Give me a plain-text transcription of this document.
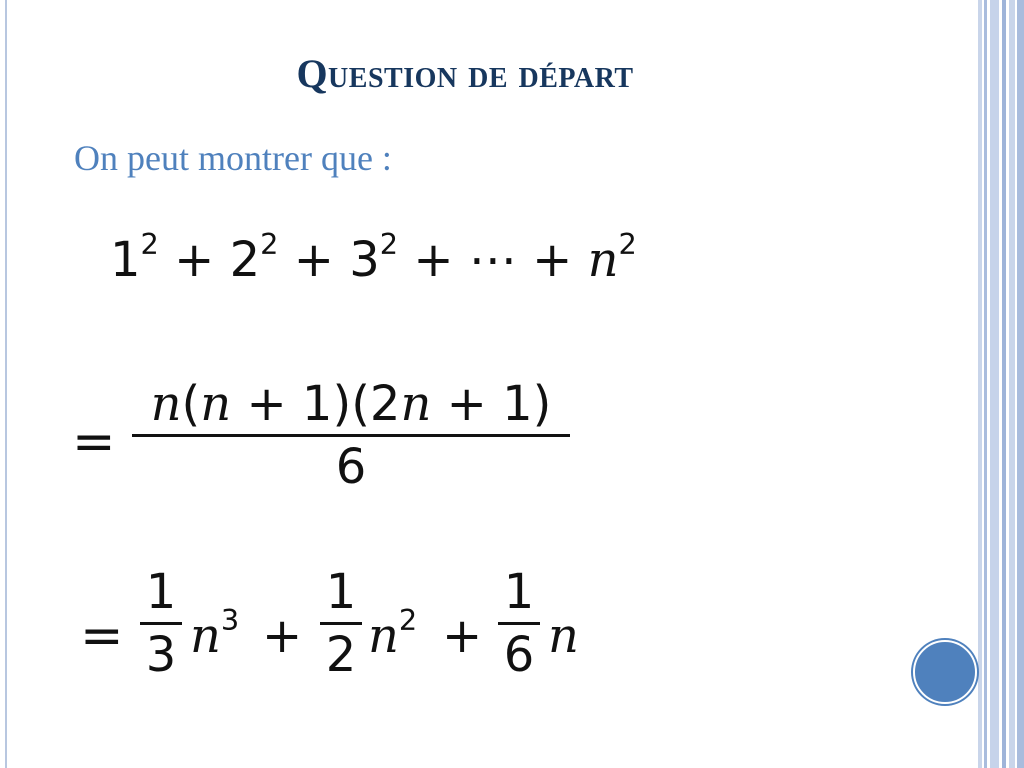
Question de départ
On peut montrer que :
$1^2 + 2^2 + 3^2$ + ⋯ + $n^2$
=
n(n + 1)(2n + 1)
6
=
1
3 $n^3$ +
1
2 $n^2$ +
1
6 n
